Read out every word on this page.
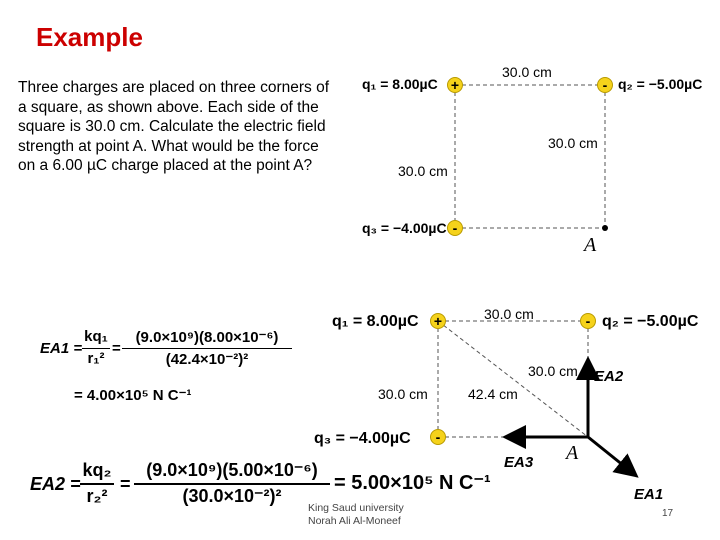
Example
Three charges are placed on three corners of a square, as shown above. Each side of the square is 30.0 cm. Calculate the electric field strength at point A. What would be the force on a 6.00 µC charge placed at the point A?
+	-
-
q₁ = 8.00µC	q₂ = −5.00µC
q₃ = −4.00µC
30.0 cm
30.0 cm
30.0 cm
A
+	-
-
q₁ = 8.00µC	q₂ = −5.00µC
q₃ = −4.00µC
30.0 cm
30.0 cm
30.0 cm	42.4 cm
A
EA2
EA3
EA1
EA1 =
kq₁
r₁²
=
(9.0×10⁹)(8.00×10⁻⁶)
(42.4×10⁻²)²
= 4.00×10⁵ N C⁻¹
EA2 =
kq₂
r₂²
=
(9.0×10⁹)(5.00×10⁻⁶)
(30.0×10⁻²)²
= 5.00×10⁵ N C⁻¹
King Saud university
Norah Ali Al-Moneef
17
